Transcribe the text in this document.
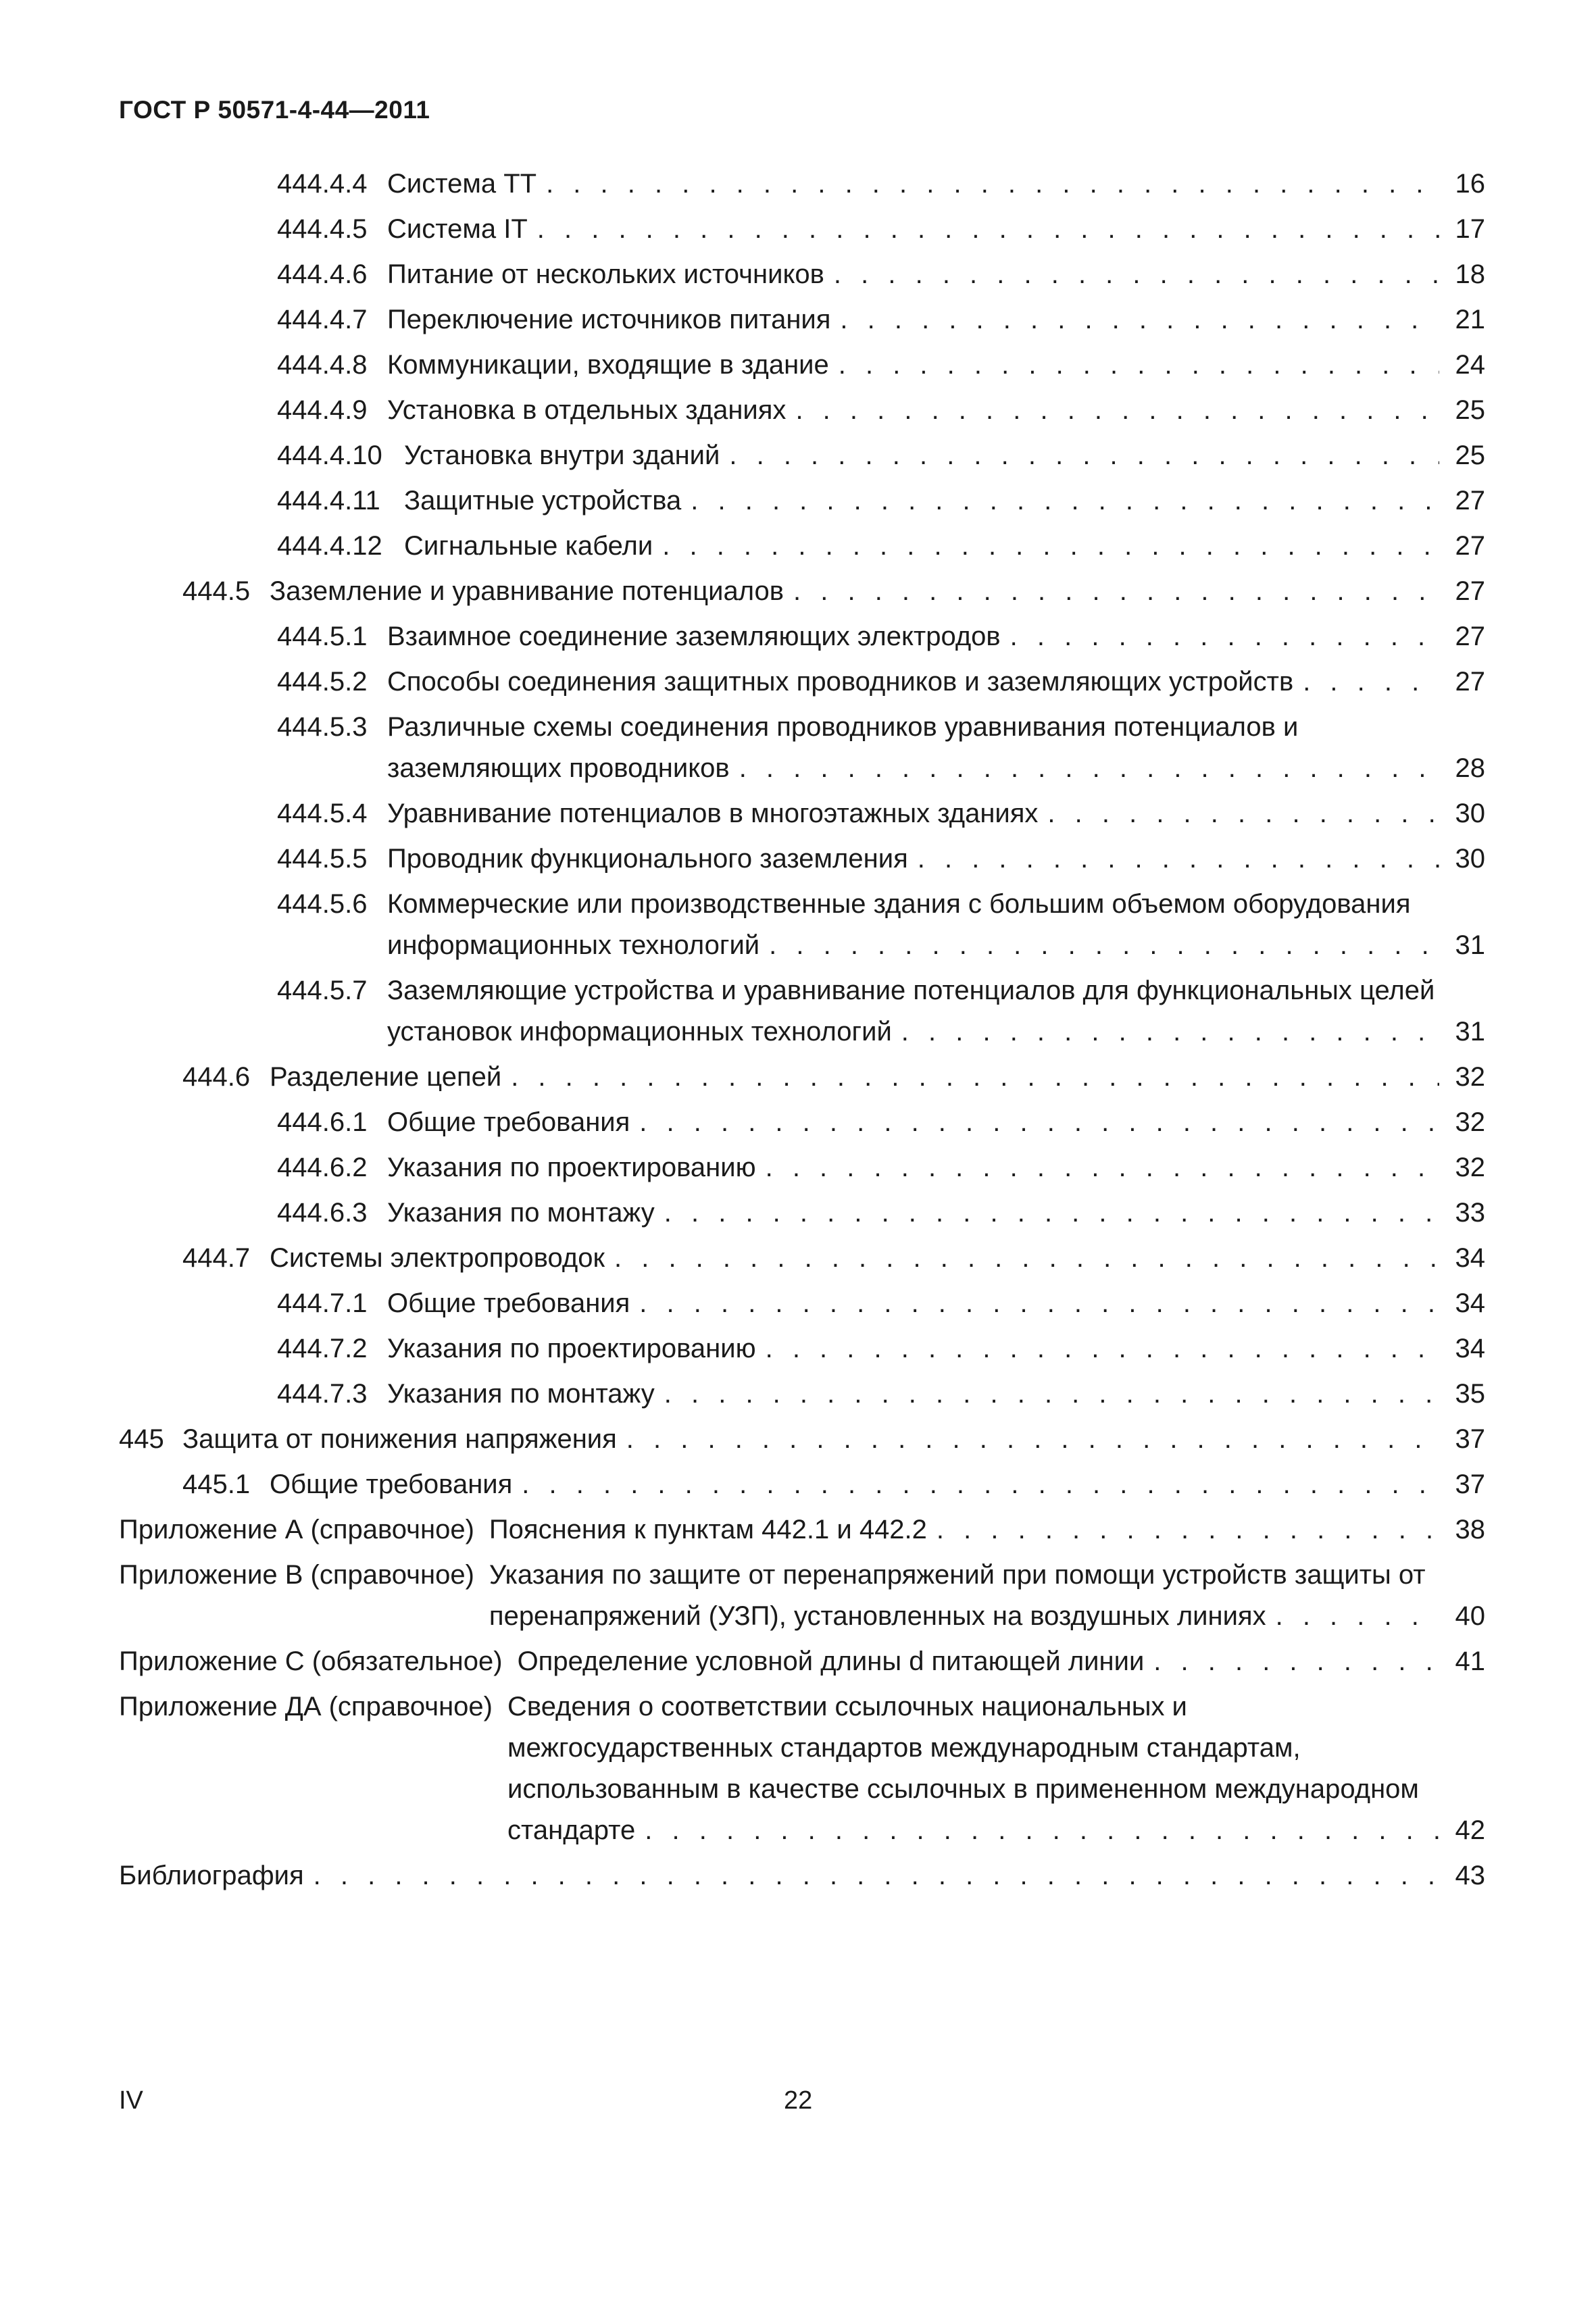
ГОСТ Р 50571-4-44—2011
444.4.4 Система TT . . .	16
444.4.5 Система IT . . .	17
444.4.6 Питание от нескольких источников . . .	18
444.4.7 Переключение источников питания . . .	21
444.4.8 Коммуникации, входящие в здание . . .	24
444.4.9 Установка в отдельных зданиях . . .	25
444.4.10 Установка внутри зданий . . .	25
444.4.11 Защитные устройства . . .	27
444.4.12 Сигнальные кабели . . .	27
444.5 Заземление и уравнивание потенциалов . . .	27
444.5.1 Взаимное соединение заземляющих электродов . . .	27
444.5.2 Способы соединения защитных проводников и заземляющих устройств . . .	27
444.5.3 Различные схемы соединения проводников уравнивания потенциалов и заземляющих проводников . . .	28
444.5.4 Уравнивание потенциалов в многоэтажных зданиях . . .	30
444.5.5 Проводник функционального заземления . . .	30
444.5.6 Коммерческие или производственные здания с большим объемом оборудования информационных технологий . . .	31
444.5.7 Заземляющие устройства и уравнивание потенциалов для функциональных целей установок информационных технологий . . .	31
444.6 Разделение цепей . . .	32
444.6.1 Общие требования . . .	32
444.6.2 Указания по проектированию . . .	32
444.6.3 Указания по монтажу . . .	33
444.7 Системы электропроводок . . .	34
444.7.1 Общие требования . . .	34
444.7.2 Указания по проектированию . . .	34
444.7.3 Указания по монтажу . . .	35
445 Защита от понижения напряжения . . .	37
445.1 Общие требования . . .	37
Приложение А (справочное) Пояснения к пунктам 442.1 и 442.2 . . .	38
Приложение В (справочное) Указания по защите от перенапряжений при помощи устройств защиты от перенапряжений (УЗП), установленных на воздушных линиях . . .	40
Приложение С (обязательное) Определение условной длины d питающей линии . . .	41
Приложение ДА (справочное) Сведения о соответствии ссылочных национальных и межгосударственных стандартов международным стандартам, использованным в качестве ссылочных в примененном международном стандарте . . .	42
Библиография . . .	43
IV	22
